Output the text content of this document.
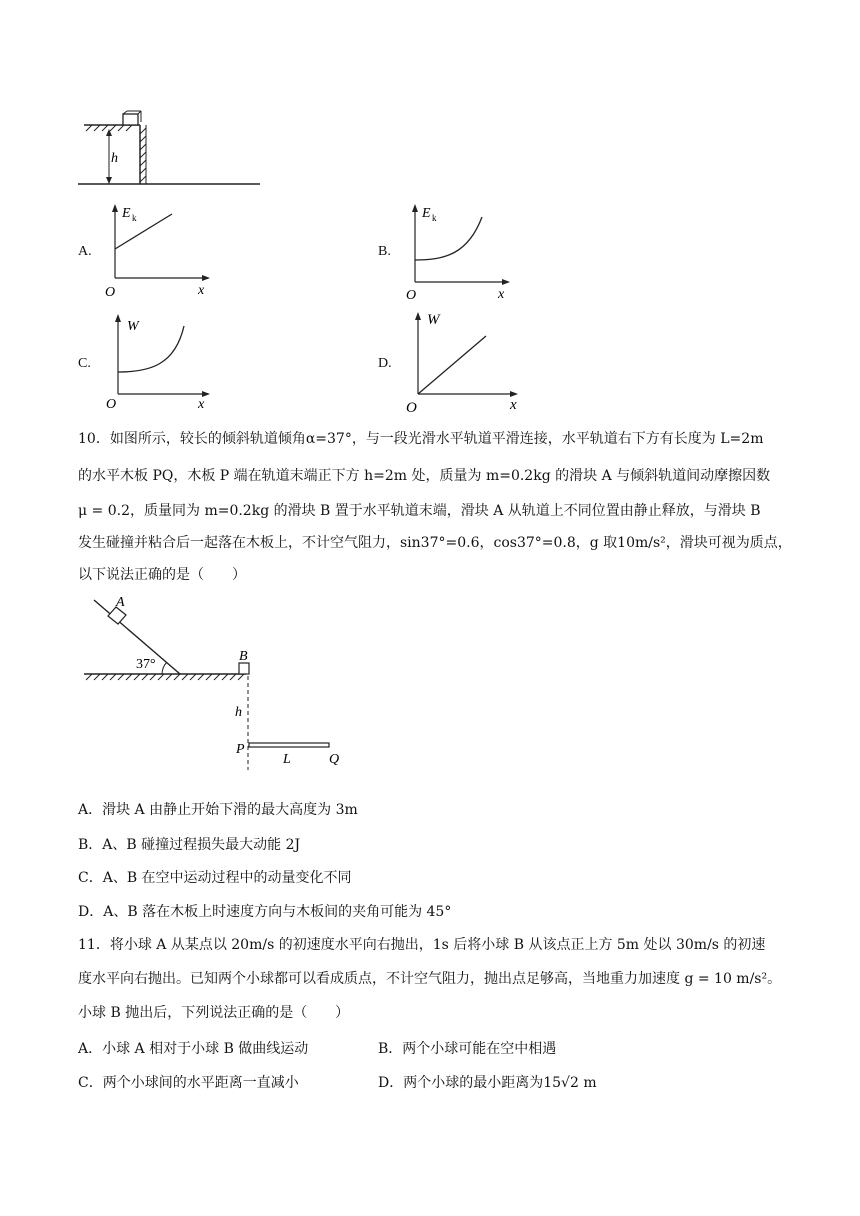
h
A.
E k
O	x
B.
E k
O	x
C.
W
O	x
D.
W
O	x
10．如图所示，较长的倾斜轨道倾角α=37°，与一段光滑水平轨道平滑连接，水平轨道右下方有长度为 L=2m
的水平木板 PQ，木板 P 端在轨道末端正下方 h=2m 处，质量为 m=0.2kg 的滑块 A 与倾斜轨道间动摩擦因数
μ = 0.2，质量同为 m=0.2kg 的滑块 B 置于水平轨道末端，滑块 A 从轨道上不同位置由静止释放，与滑块 B
发生碰撞并粘合后一起落在木板上，不计空气阻力，sin37°=0.6，cos37°=0.8，g 取10m/s²，滑块可视为质点，
以下说法正确的是（　　）
A
37°
B
h
P
L	Q
A．滑块 A 由静止开始下滑的最大高度为 3m
B．A、B 碰撞过程损失最大动能 2J
C．A、B 在空中运动过程中的动量变化不同
D．A、B 落在木板上时速度方向与木板间的夹角可能为 45°
11．将小球 A 从某点以 20m/s 的初速度水平向右抛出，1s 后将小球 B 从该点正上方 5m 处以 30m/s 的初速
度水平向右抛出。已知两个小球都可以看成质点，不计空气阻力，抛出点足够高，当地重力加速度 g = 10 m/s²。
小球 B 抛出后，下列说法正确的是（　　）
A．小球 A 相对于小球 B 做曲线运动	B．两个小球可能在空中相遇
C．两个小球间的水平距离一直减小	D．两个小球的最小距离为15√2 m
